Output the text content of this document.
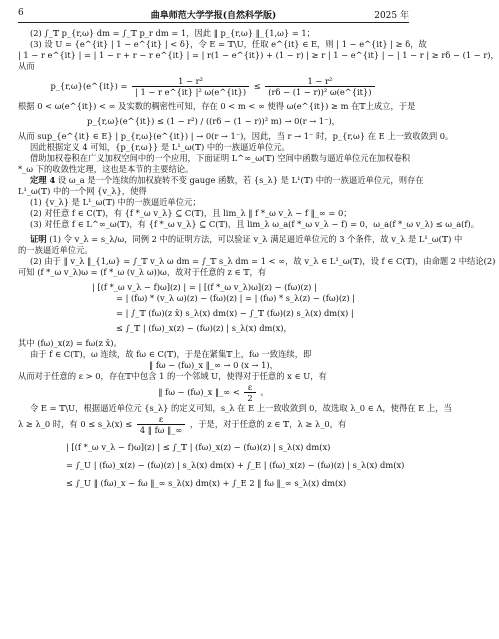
6	曲阜师范大学学报(自然科学版)	2025 年
(2) ∫_𝕋 p_{r,ω} dm = ∫_𝕋 p_r dm = 1，因此 ‖ p_{r,ω} ‖_{1,ω} = 1；
(3) 设 U = {e^{it} | 1 − e^{it} | < δ}，令 E = 𝕋\U，任取 e^{it} ∈ E，则 | 1 − e^{it} | ≥ δ，故
| 1 − r e^{it} | = | 1 − r + r − r e^{it} | = | r(1 − e^{it}) + (1 − r) | ≥ r | 1 − e^{it} | − | 1 − r | ≥ rδ − (1 − r)，
从而
p_{r,ω}(e^{it}) = $\frac{\text{1 − r²}}{\text{| 1 − r e\textasciicircum{}\{it\} |² ω(e\textasciicircum{}\{it\})}} \le \frac{\text{1 − r²}}{\text{(rδ − (1 − r))² ω(e\textasciicircum{}\{it\})}}$
根据 0 < ω(e^{it}) < ∞ 及实数的稠密性可知，存在 0 < m < ∞ 使得 ω(e^{it}) ≥ m 在𝕋上成立，于是
p_{r,ω}(e^{it}) ≤ (1 − r²) / ((rδ − (1 − r))² m) → 0(r → 1⁻)，
从而 sup_{e^{it} ∈ E} | p_{r,ω}(e^{it}) | → 0(r → 1⁻)，因此，当 r → 1⁻ 时，p_{r,ω} 在 E 上一致收敛到 0。
因此根据定义 4 可知，{p_{r,ω}} 是 L¹_ω(𝕋) 中的一族逼近单位元。
借助加权卷积在广义加权空间中的一个应用，下面证明 L^∞_ω(𝕋) 空间中函数与逼近单位元在加权卷积
*_ω 下的收敛性定理，这也是本节的主要结论。
定理 4 设 ω_a 是一个连续的加权旋转不变 gauge 函数，若 {s_λ} 是 L¹(𝕋) 中的一族逼近单位元，则存在
L¹_ω(𝕋) 中的一个网 {v_λ}，使得
(1) {v_λ} 是 L¹_ω(𝕋) 中的一族逼近单位元；
(2) 对任意 f ∈ C(𝕋)，有 {f *_ω v_λ} ⊆ C(𝕋)，且 lim_λ ‖ f *_ω v_λ − f ‖_∞ = 0；
(3) 对任意 f ∈ L^∞_ω(𝕋)，有 {f *_ω v_λ} ⊆ C(𝕋)，且 lim_λ ω_a(f *_ω v_λ − f) = 0，ω_a(f *_ω v_λ) ≤ ω_a(f)。
证明 (1) 令 v_λ = s_λ/ω，同例 2 中的证明方法，可以验证 v_λ 满足逼近单位元的 3 个条件，故 v_λ 是 L¹_ω(𝕋) 中
的一族逼近单位元。
(2) 由于 ‖ v_λ ‖_{1,ω} = ∫_𝕋 v_λ ω dm = ∫_𝕋 s_λ dm = 1 < ∞，故 v_λ ∈ L¹_ω(𝕋)，设 f ∈ C(𝕋)，由命题 2 中结论(2)
可知 (f *_ω v_λ)ω = (f *_ω (v_λ ω))ω，故对于任意的 z ∈ 𝕋，有
| [(f *_ω v_λ − f)ω](z) | = | [(f *_ω v_λ)ω](z) − (fω)(z) |
= | (fω) * (v_λ ω)(z) − (fω)(z) | = | (fω) * s_λ(z) − (fω)(z) |
= | ∫_𝕋 (fω)(z x̄) s_λ(x) dm(x) − ∫_𝕋 (fω)(z) s_λ(x) dm(x) |
≤ ∫_𝕋 | (fω)_x(z) − (fω)(z) | s_λ(x) dm(x)，
其中 (fω)_x(z) = fω(z x̄)。
由于 f ∈ C(𝕋)，ω 连续，故 fω ∈ C(𝕋)，于是在紧集𝕋上，fω 一致连续，即
‖ fω − (fω)_x ‖_∞ → 0 (x → 1)，
从而对于任意的 ε > 0，存在𝕋中包含 1 的一个邻域 U，使得对于任意的 x ∈ U，有
‖ fω − (fω)_x ‖_∞ < $\frac{\varepsilon}{2}$ 。
令 E = 𝕋\U，根据逼近单位元 {s_λ} 的定义可知，s_λ 在 E 上一致收敛到 0，故选取 λ_0 ∈ Λ，使得在 E 上，当
λ ≥ λ_0 时，有 0 ≤ s_λ(x) ≤ $\frac{\varepsilon}{4 ‖ f\omega ‖\_\infty}$ ，于是，对于任意的 z ∈ 𝕋，λ ≥ λ_0，有
| [(f *_ω v_λ − f)ω](z) | ≤ ∫_𝕋 | (fω)_x(z) − (fω)(z) | s_λ(x) dm(x)
= ∫_U | (fω)_x(z) − (fω)(z) | s_λ(x) dm(x) + ∫_E | (fω)_x(z) − (fω)(z) | s_λ(x) dm(x)
≤ ∫_U ‖ (fω)_x − fω ‖_∞ s_λ(x) dm(x) + ∫_E 2 ‖ fω ‖_∞ s_λ(x) dm(x)
